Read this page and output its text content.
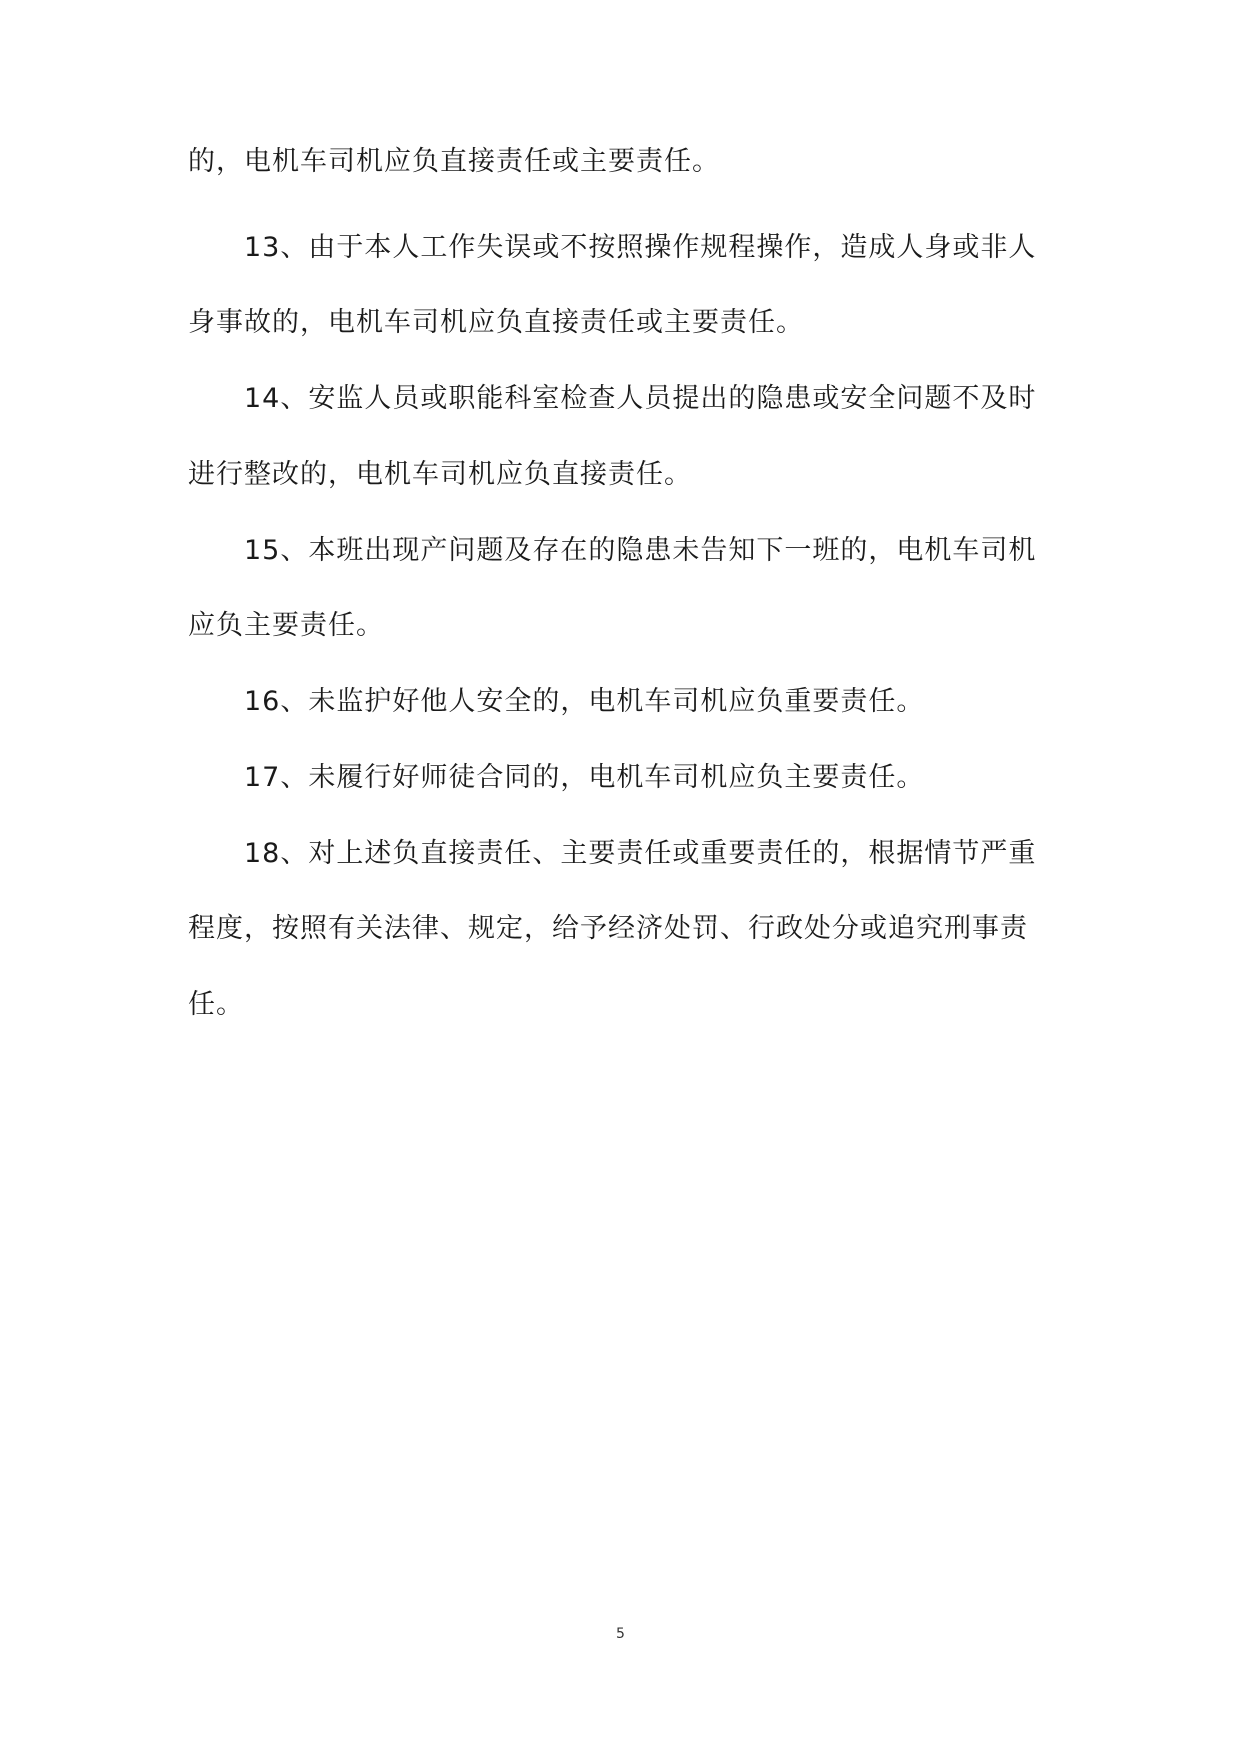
的，电机车司机应负直接责任或主要责任。
13、由于本人工作失误或不按照操作规程操作，造成人身或非人
身事故的，电机车司机应负直接责任或主要责任。
14、安监人员或职能科室检查人员提出的隐患或安全问题不及时
进行整改的，电机车司机应负直接责任。
15、本班出现产问题及存在的隐患未告知下一班的，电机车司机
应负主要责任。
16、未监护好他人安全的，电机车司机应负重要责任。
17、未履行好师徒合同的，电机车司机应负主要责任。
18、对上述负直接责任、主要责任或重要责任的，根据情节严重
程度，按照有关法律、规定，给予经济处罚、行政处分或追究刑事责
任。
5
